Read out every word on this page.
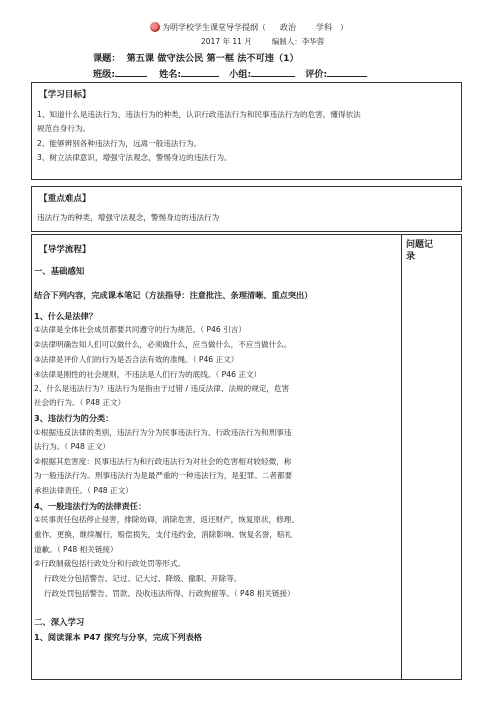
为明学校学生课堂导学提纲（ 政治	学科 ）
2017 年 11 月	编制人：李华蓉
课题： 第五课 做守法公民 第一框 法不可违（1）
班级:	姓名:	小组:	评价:
【学习目标】
1、知道什么是违法行为，违法行为的种类，认识行政违法行为和民事违法行为的危害，懂得依法
规范自身行为。
2、能够辨别各种违法行为，远离一般违法行为。
3、树立法律意识，增强守法观念，警惕身边的违法行为。
【重点难点】
违法行为的种类，增强守法观念，警惕身边的违法行为
问题记录
【导学流程】
一、基础感知
结合下列内容，完成课本笔记（方法指导：注意批注、条理清晰、重点突出）
1、什么是法律？
①法律是全体社会成员都要共同遵守的行为规范。（ P46 引言）
②法律明确告知人们可以做什么，必须做什么，应当做什么，不应当做什么。
③法律是评价人们的行为是否合法有效的准绳。（ P46 正文）
④法律是刚性的社会规则，不违法是人们行为的底线。（ P46 正文）
2、什么是违法行为？违法行为是指由于过错 / 违反法律、法规的规定，危害
社会的行为。（ P48 正文）
3、违法行为的分类：
①根据违反法律的类别，违法行为分为民事违法行为、行政违法行为和刑事违
法行为。（ P48 正文）
②根据其危害度：民事违法行为和行政违法行为对社会的危害相对较轻微，称
为一般违法行为。刑事违法行为是最严重的一种违法行为，是犯罪。二者都要
承担法律责任。（ P48 正文）
4、一般违法行为的法律责任：
①民事责任包括停止侵害，排除妨碍，消除危害，返还财产，恢复原状，修理、
重作、更换，继续履行，赔偿损失，支付违约金，消除影响、恢复名誉，赔礼
道歉。（ P48 相关链接）
②行政制裁包括行政处分和行政处罚等形式。
行政处分包括警告、记过、记大过、降级、撤职、开除等。
行政处罚包括警告、罚款、没收违法所得、行政拘留等。（ P48 相关链接）
二、深入学习
1、阅读课本 P47 探究与分享，完成下列表格
